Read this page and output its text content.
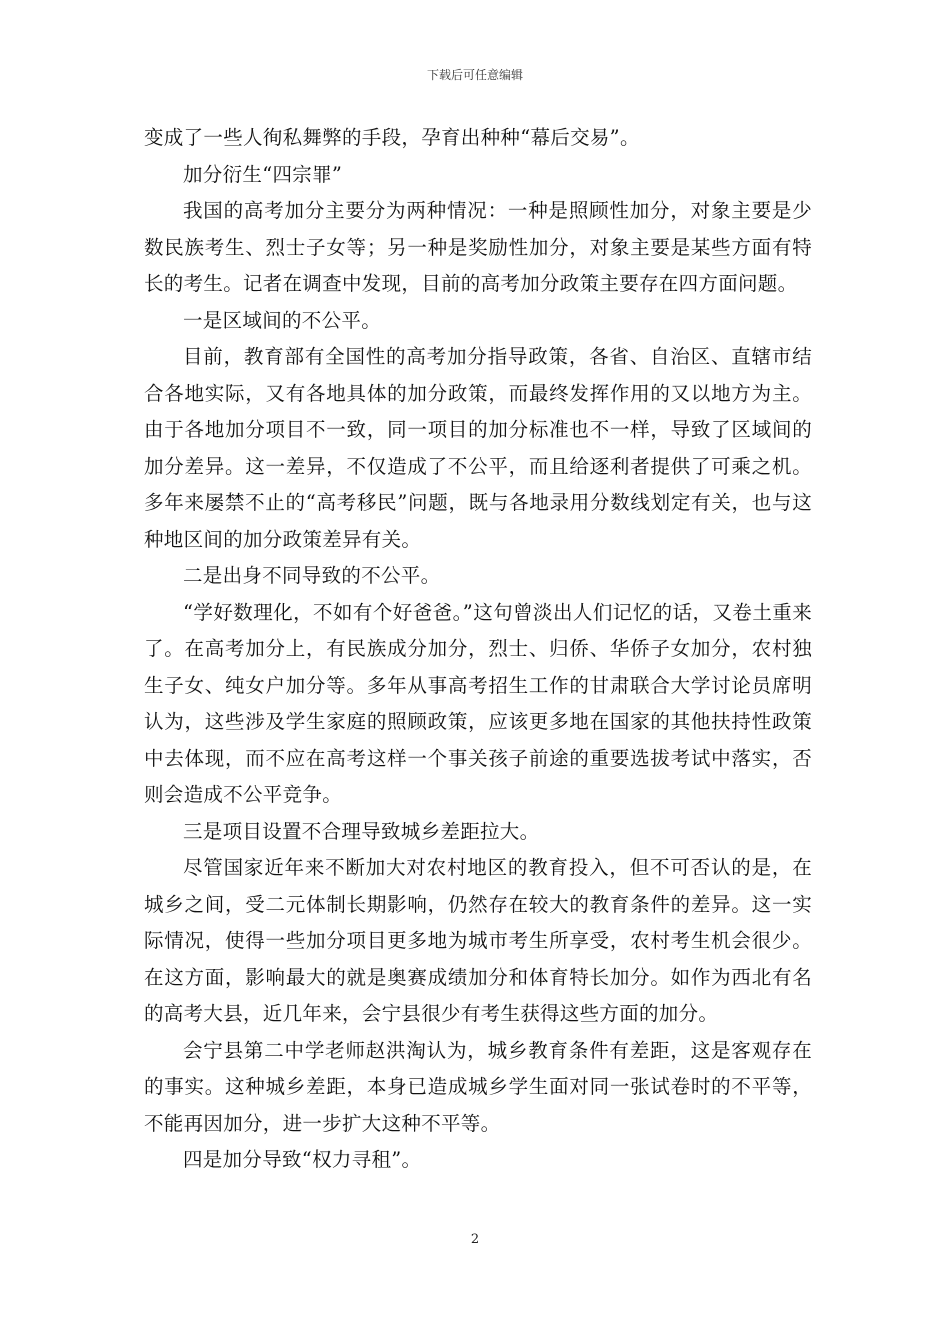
下载后可任意编辑

变成了一些人徇私舞弊的手段，孕育出种种“幕后交易”。

加分衍生“四宗罪”

我国的高考加分主要分为两种情况：一种是照顾性加分，对象主要是少数民族考生、烈士子女等；另一种是奖励性加分，对象主要是某些方面有特长的考生。记者在调查中发现，目前的高考加分政策主要存在四方面问题。

一是区域间的不公平。

目前，教育部有全国性的高考加分指导政策，各省、自治区、直辖市结合各地实际，又有各地具体的加分政策，而最终发挥作用的又以地方为主。由于各地加分项目不一致，同一项目的加分标准也不一样，导致了区域间的加分差异。这一差异，不仅造成了不公平，而且给逐利者提供了可乘之机。多年来屡禁不止的“高考移民”问题，既与各地录用分数线划定有关，也与这种地区间的加分政策差异有关。

二是出身不同导致的不公平。

“学好数理化，不如有个好爸爸。”这句曾淡出人们记忆的话，又卷土重来了。在高考加分上，有民族成分加分，烈士、归侨、华侨子女加分，农村独生子女、纯女户加分等。多年从事高考招生工作的甘肃联合大学讨论员席明认为，这些涉及学生家庭的照顾政策，应该更多地在国家的其他扶持性政策中去体现，而不应在高考这样一个事关孩子前途的重要选拔考试中落实，否则会造成不公平竞争。

三是项目设置不合理导致城乡差距拉大。

尽管国家近年来不断加大对农村地区的教育投入，但不可否认的是，在城乡之间，受二元体制长期影响，仍然存在较大的教育条件的差异。这一实际情况，使得一些加分项目更多地为城市考生所享受，农村考生机会很少。在这方面，影响最大的就是奥赛成绩加分和体育特长加分。如作为西北有名的高考大县，近几年来，会宁县很少有考生获得这些方面的加分。

会宁县第二中学老师赵洪淘认为，城乡教育条件有差距，这是客观存在的事实。这种城乡差距，本身已造成城乡学生面对同一张试卷时的不平等，不能再因加分，进一步扩大这种不平等。

四是加分导致“权力寻租”。

2
